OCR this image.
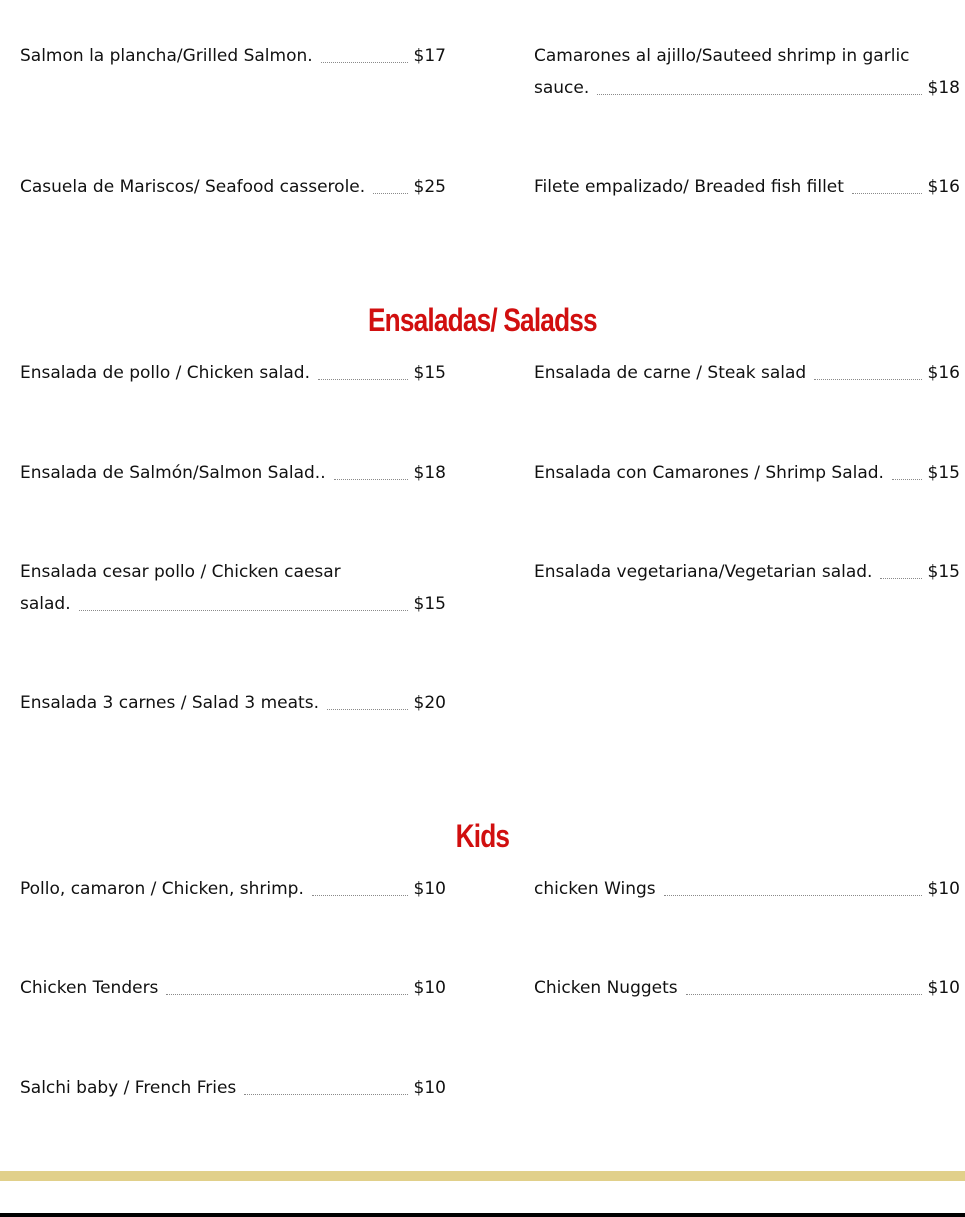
Salmon la plancha/Grilled Salmon.	$17	Camarones al ajillo/Sauteed shrimp in garlic
sauce.	$18
Casuela de Mariscos/ Seafood casserole.	$25	Filete empalizado/ Breaded fish fillet	$16
Ensaladas/ Saladss
Ensalada de pollo / Chicken salad.	$15	Ensalada de carne / Steak salad	$16
Ensalada de Salmón/Salmon Salad..	$18	Ensalada con Camarones / Shrimp Salad.	$15
Ensalada cesar pollo / Chicken caesar
salad.	$15
Ensalada vegetariana/Vegetarian salad.	$15
Ensalada 3 carnes / Salad 3 meats.	$20
Kids
Pollo, camaron / Chicken, shrimp.	$10	chicken Wings	$10
Chicken Tenders	$10	Chicken Nuggets	$10
Salchi baby / French Fries	$10
